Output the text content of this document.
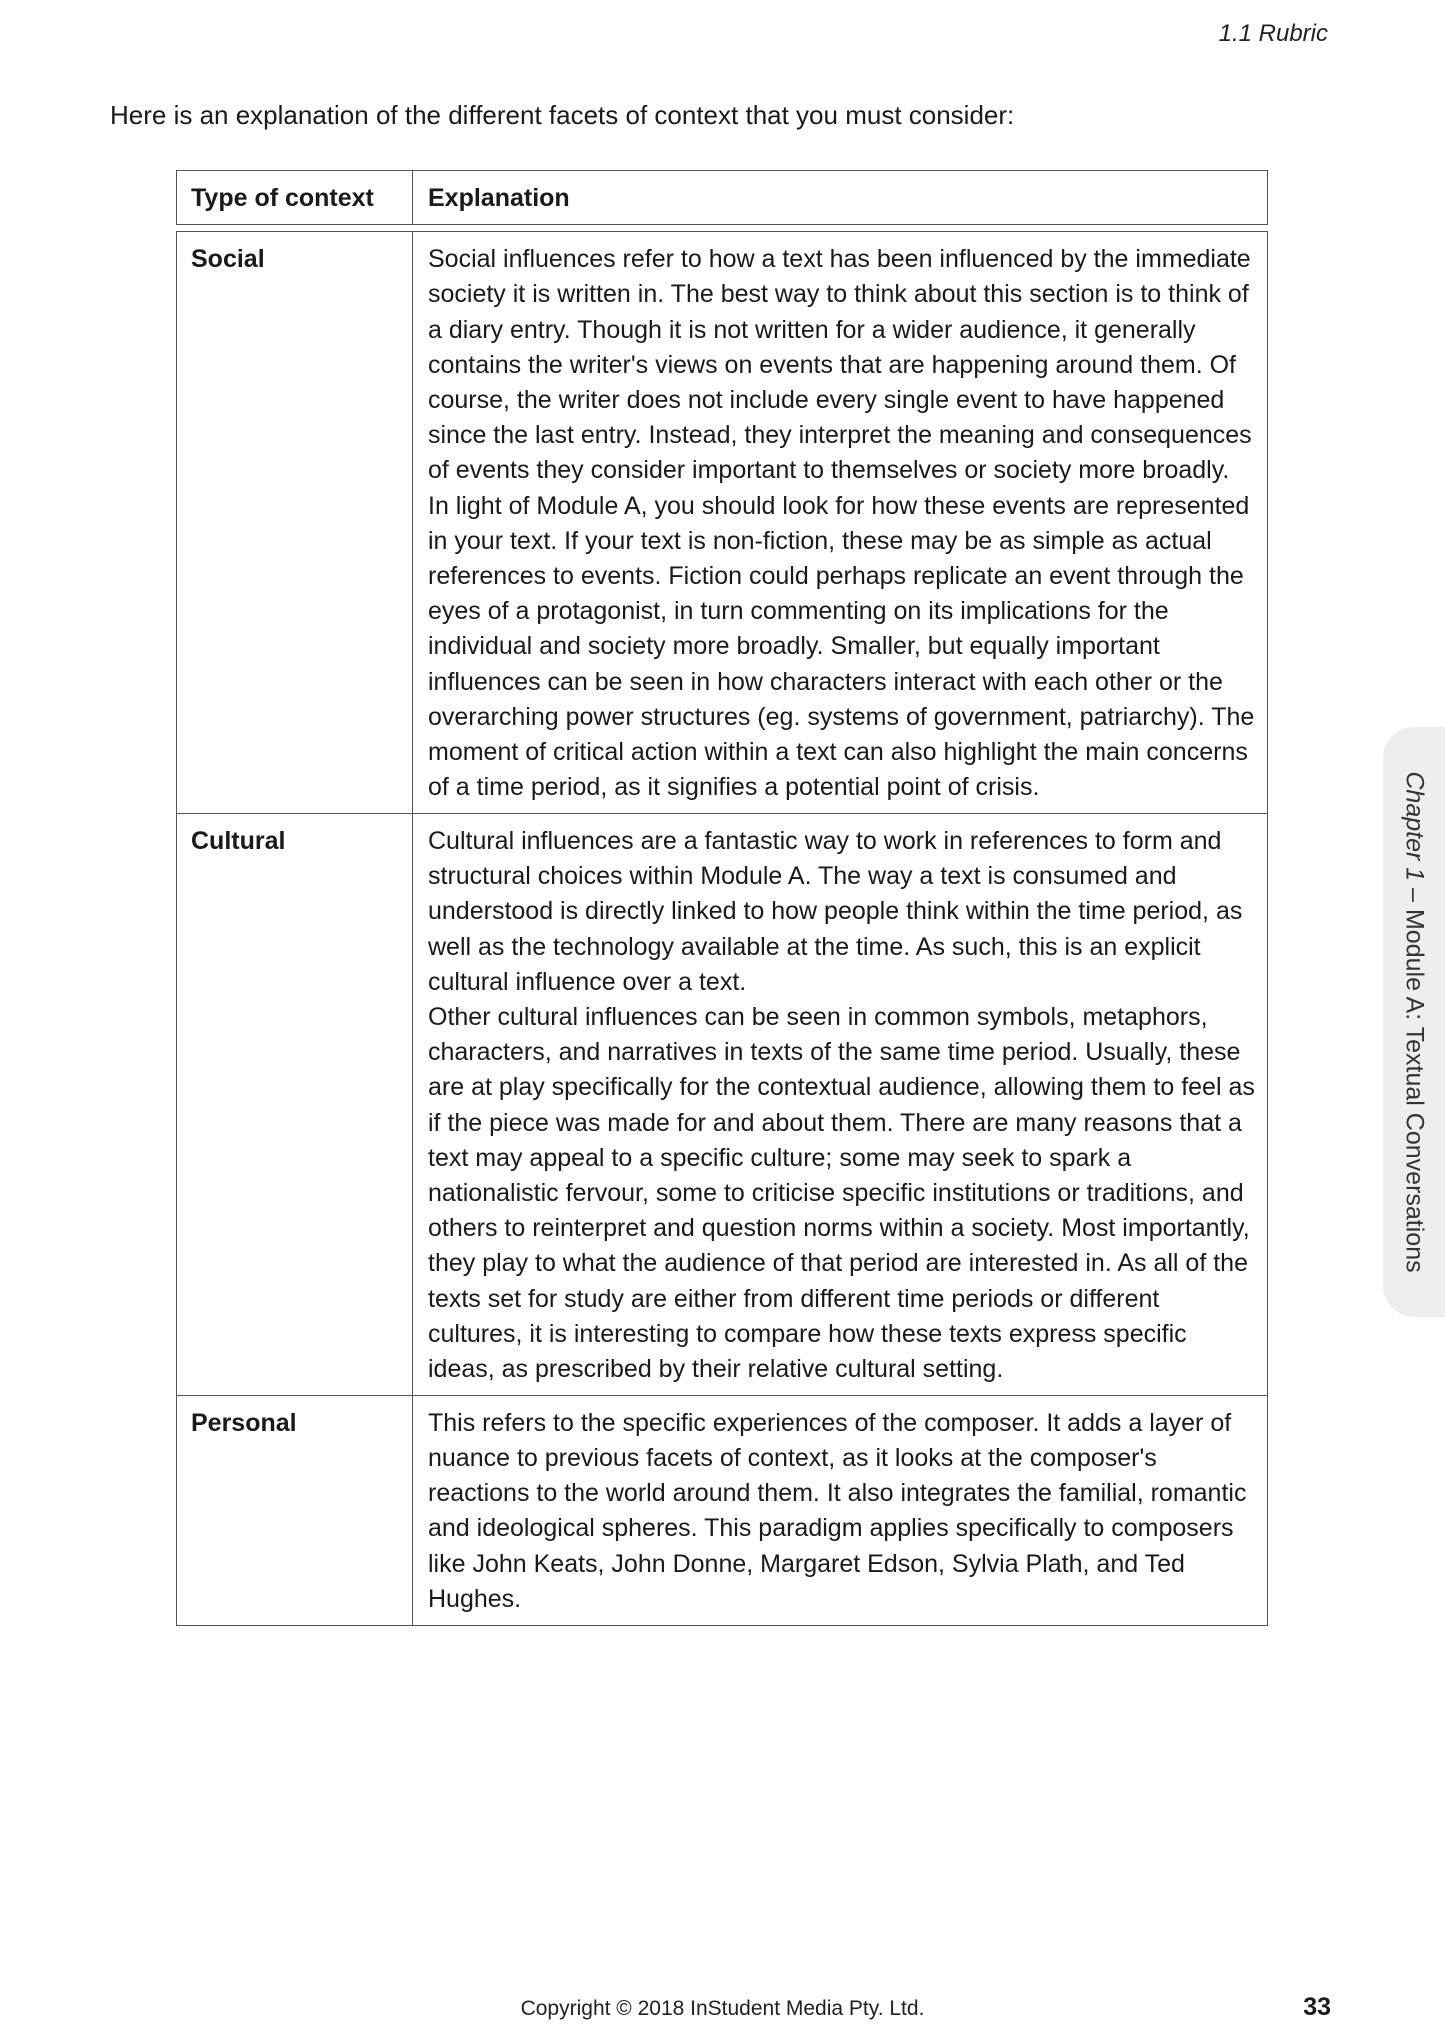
1.1 Rubric
Here is an explanation of the different facets of context that you must consider:
Type of context	Explanation
Social	Social influences refer to how a text has been influenced by the immediate society it is written in. The best way to think about this section is to think of a diary entry. Though it is not written for a wider audience, it generally contains the writer's views on events that are happening around them. Of course, the writer does not include every single event to have happened since the last entry. Instead, they interpret the meaning and consequences of events they consider important to themselves or society more broadly. In light of Module A, you should look for how these events are represented in your text. If your text is non-fiction, these may be as simple as actual references to events. Fiction could perhaps replicate an event through the eyes of a protagonist, in turn commenting on its implications for the individual and society more broadly. Smaller, but equally important influences can be seen in how characters interact with each other or the overarching power structures (eg. systems of government, patriarchy). The moment of critical action within a text can also highlight the main concerns of a time period, as it signifies a potential point of crisis.

Cultural	Cultural influences are a fantastic way to work in references to form and structural choices within Module A. The way a text is consumed and understood is directly linked to how people think within the time period, as well as the technology available at the time. As such, this is an explicit cultural influence over a text.

Other cultural influences can be seen in common symbols, metaphors, characters, and narratives in texts of the same time period. Usually, these are at play specifically for the contextual audience, allowing them to feel as if the piece was made for and about them. There are many reasons that a text may appeal to a specific culture; some may seek to spark a nationalistic fervour, some to criticise specific institutions or traditions, and others to reinterpret and question norms within a society. Most importantly, they play to what the audience of that period are interested in. As all of the texts set for study are either from different time periods or different cultures, it is interesting to compare how these texts express specific ideas, as prescribed by their relative cultural setting.

Personal	This refers to the specific experiences of the composer. It adds a layer of nuance to previous facets of context, as it looks at the composer's reactions to the world around them. It also integrates the familial, romantic and ideological spheres. This paradigm applies specifically to composers like John Keats, John Donne, Margaret Edson, Sylvia Plath, and Ted Hughes.

Chapter 1 – Module A: Textual Conversations
Copyright © 2018 InStudent Media Pty. Ltd.	33
